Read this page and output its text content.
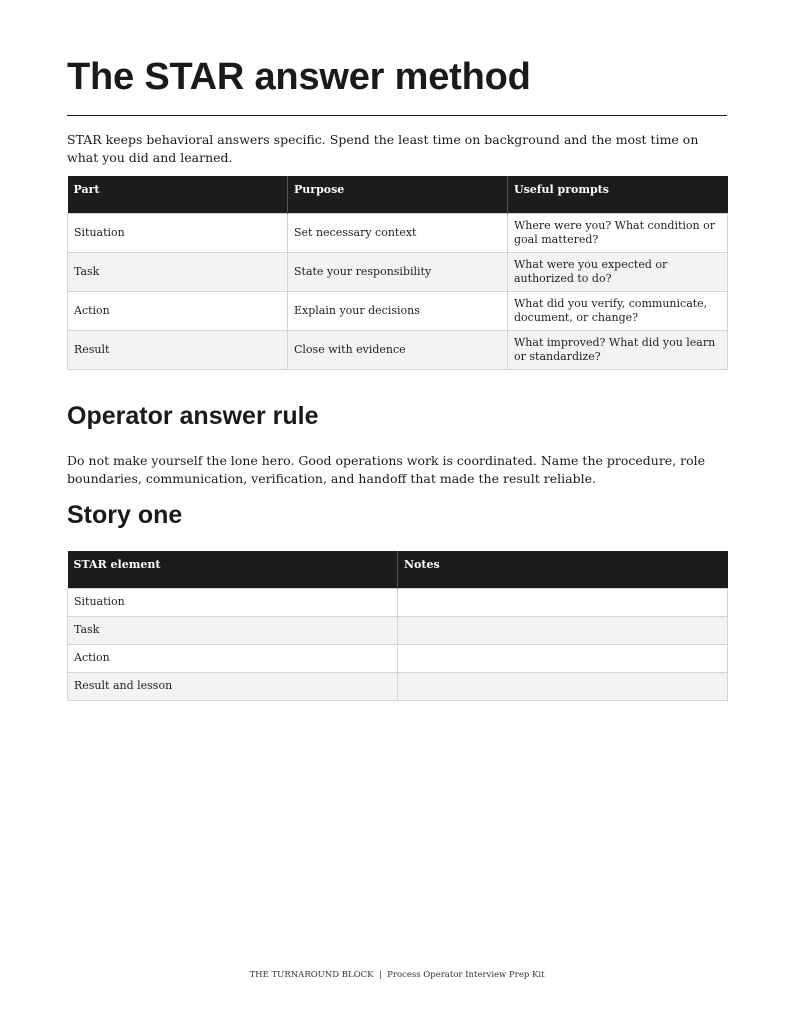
The STAR answer method

STAR keeps behavioral answers specific. Spend the least time on background and the most time on what you did and learned.

Part	Purpose	Useful prompts
Situation	Set necessary context	Where were you? What condition or goal mattered?
Task	State your responsibility	What were you expected or authorized to do?
Action	Explain your decisions	What did you verify, communicate, document, or change?
Result	Close with evidence	What improved? What did you learn or standardize?
Operator answer rule

Do not make yourself the lone hero. Good operations work is coordinated. Name the procedure, role boundaries, communication, verification, and handoff that made the result reliable.

Story one
STAR element	Notes
Situation	
Task	
Action	
Result and lesson	
THE TURNAROUND BLOCK  |  Process Operator Interview Prep Kit
